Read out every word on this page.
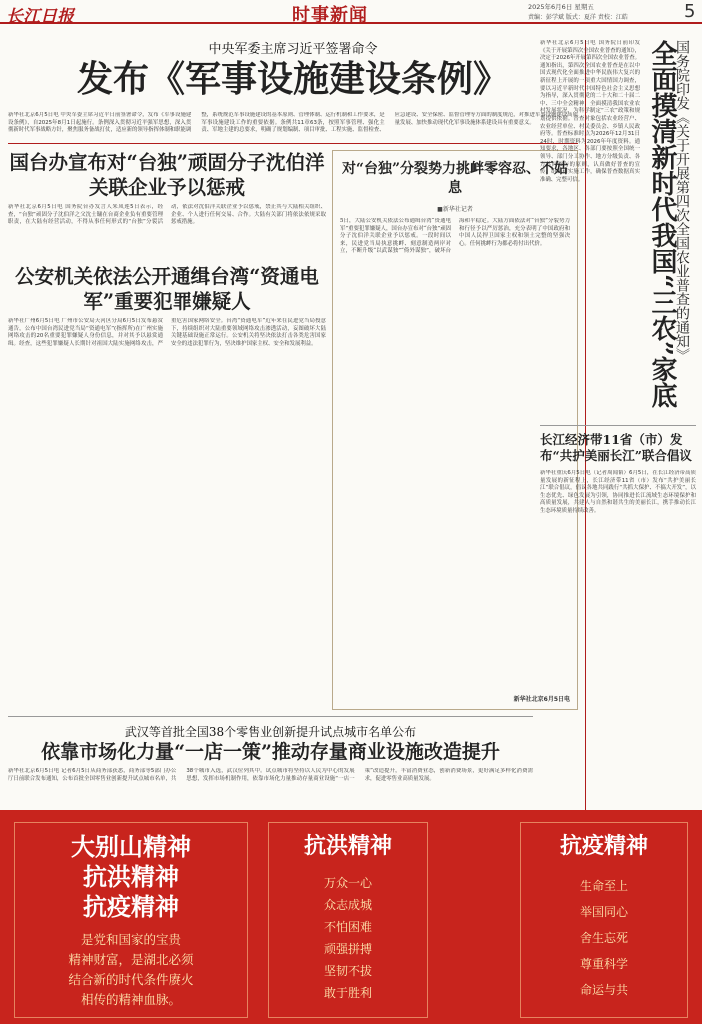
长江日报	时事新闻	2025年6月6日 星期五
责编：彭学斌 版式：夏洋 责校：江皓	5
中央军委主席习近平签署命令
发布《军事设施建设条例》
新华社北京6月5日电 中央军委主席习近平日前签署命令，发布《军事设施建设条例》，自2025年8月1日起施行。条例深入贯彻习近平强军思想，深入贯彻新时代军事战略方针，聚焦服务备战打仗，适应新的领导指挥体制和职能调整，系统规范军事设施建设的基本原则、管理体制、运行机制和工作要求，是军事设施建设工作的重要依据。条例共11章63条，按照军事管理、强化主责、军地主建的总要求，明确了规划编制、项目审批、工程实施、监督检查、应急建设、安全保密、监督管理等方面的制度规范，对推进军事设施建设高质量发展、加快推动现代化军事设施体系建设具有重要意义。
国台办宣布对“台独”顽固分子沈伯洋关联企业予以惩戒
新华社北京6月5日电 国务院台办发言人朱凤莲5日表示，经查，“台独”顽固分子沈伯洋之父沈士镛在台商企业负有重要管理职责，在大陆有经营活动，不得从事任何形式的“台独”分裂活动，依法对沈伯洋关联企业予以惩戒，禁止其与大陆相关组织、企业、个人进行任何交易、合作。大陆有关部门将依法依规采取惩戒措施。
公安机关依法公开通缉台湾“资通电军”重要犯罪嫌疑人
新华社广州6月5日电 广州市公安局天河区分局6月5日发布悬赏通告，公布中国台湾民进党当局“资通电军”(指挥所)在广州实施网络攻击的20名重要犯罪嫌疑人身份信息，并对其予以悬赏通缉。经查，这些犯罪嫌疑人长期针对祖国大陆实施网络攻击，严重危害国家网络安全。台湾“资通电军”近年来在民进党当局授意下，持续组织对大陆重要领域网络攻击渗透活动，妄图破坏大陆关键基础设施正常运行。公安机关将坚决依法打击各类危害国家安全的违法犯罪行为，坚决维护国家主权、安全和发展利益。
对“台独”分裂势力挑衅零容忍、不姑息
■新华社记者
5日，大陆公安机关依法公布通缉台湾“资通电军”重要犯罪嫌疑人，国台办宣布对“台独”顽固分子沈伯洋关联企业予以惩戒。一段时间以来，民进党当局执意挑衅、刻意制造两岸对立，不断升级“以武谋独”“倚外谋独”，破坏台海和平稳定。大陆方面依法对“台独”分裂势力和行径予以严厉惩治，充分表明了中国政府和中国人民捍卫国家主权和领土完整的坚强决心。任何挑衅行为都必将付出代价。
新华社北京6月5日电
新华社北京6月5日电 国务院日前印发《关于开展第四次全国农业普查的通知》，决定于2026年开展第四次全国农业普查。通知指出，第四次全国农业普查是在以中国式现代化全面推进中华民族伟大复兴的新征程上开展的一项重大国情国力调查，要以习近平新时代中国特色社会主义思想为指导，深入贯彻党的二十大和二十届二中、三中全会精神，全面摸清我国农业农村发展状况，为科学制定“三农”政策和规划提供依据。普查对象包括农业经营户、农业经营单位、村民委员会、乡镇人民政府等。普查标准时点为2026年12月31日24时，时期资料为2026年年度资料。通知要求，各地区、各部门要按照全国统一领导、部门分工协作、地方分级负责、各方共同参与的原则，认真做好普查的宣传、组织和实施工作，确保普查数据真实准确、完整可信。	国务院印发《关于开展第四次全国农业普查的通知》
全面摸清新时代我国“三农”家底
长江经济带11省（市）发布“共护美丽长江”联合倡议
新华社重庆6月5日电（记者周闻韬）6月5日，在长江经济带高质量发展的新征程上，长江经济带11省（市）发布“共护美丽长江”联合倡议，倡议各地共同践行“共抓大保护、不搞大开发”，以生态优先、绿色发展为引领，协同推进长江流域生态环境保护和高质量发展，共建人与自然和谐共生的美丽长江，携手推动长江生态环境质量持续改善。
武汉等首批全国38个零售业创新提升试点城市名单公布
依靠市场化力量“一店一策”推动存量商业设施改造提升
新华社北京6月5日电 记者6月5日从商务部获悉，商务部等5部门办公厅日前联合发布通知，公布首批全国零售业创新提升试点城市名单，共38个城市入选，武汉位列其中。试点城市将坚持以人民为中心的发展思想，发挥市场机制作用，依靠市场化力量推动存量商业设施“一店一策”改造提升，丰富消费业态，创新消费场景，更好满足多样化消费需求，促进零售业高质量发展。
大别山精神
抗洪精神
抗疫精神
是党和国家的宝贵
精神财富，是湖北必须
结合新的时代条件赓火
相传的精神血脉。
抗洪精神
万众一心
众志成城
不怕困难
顽强拼搏
坚韧不拔
敢于胜利
抗疫精神
生命至上
举国同心
舍生忘死
尊重科学
命运与共
